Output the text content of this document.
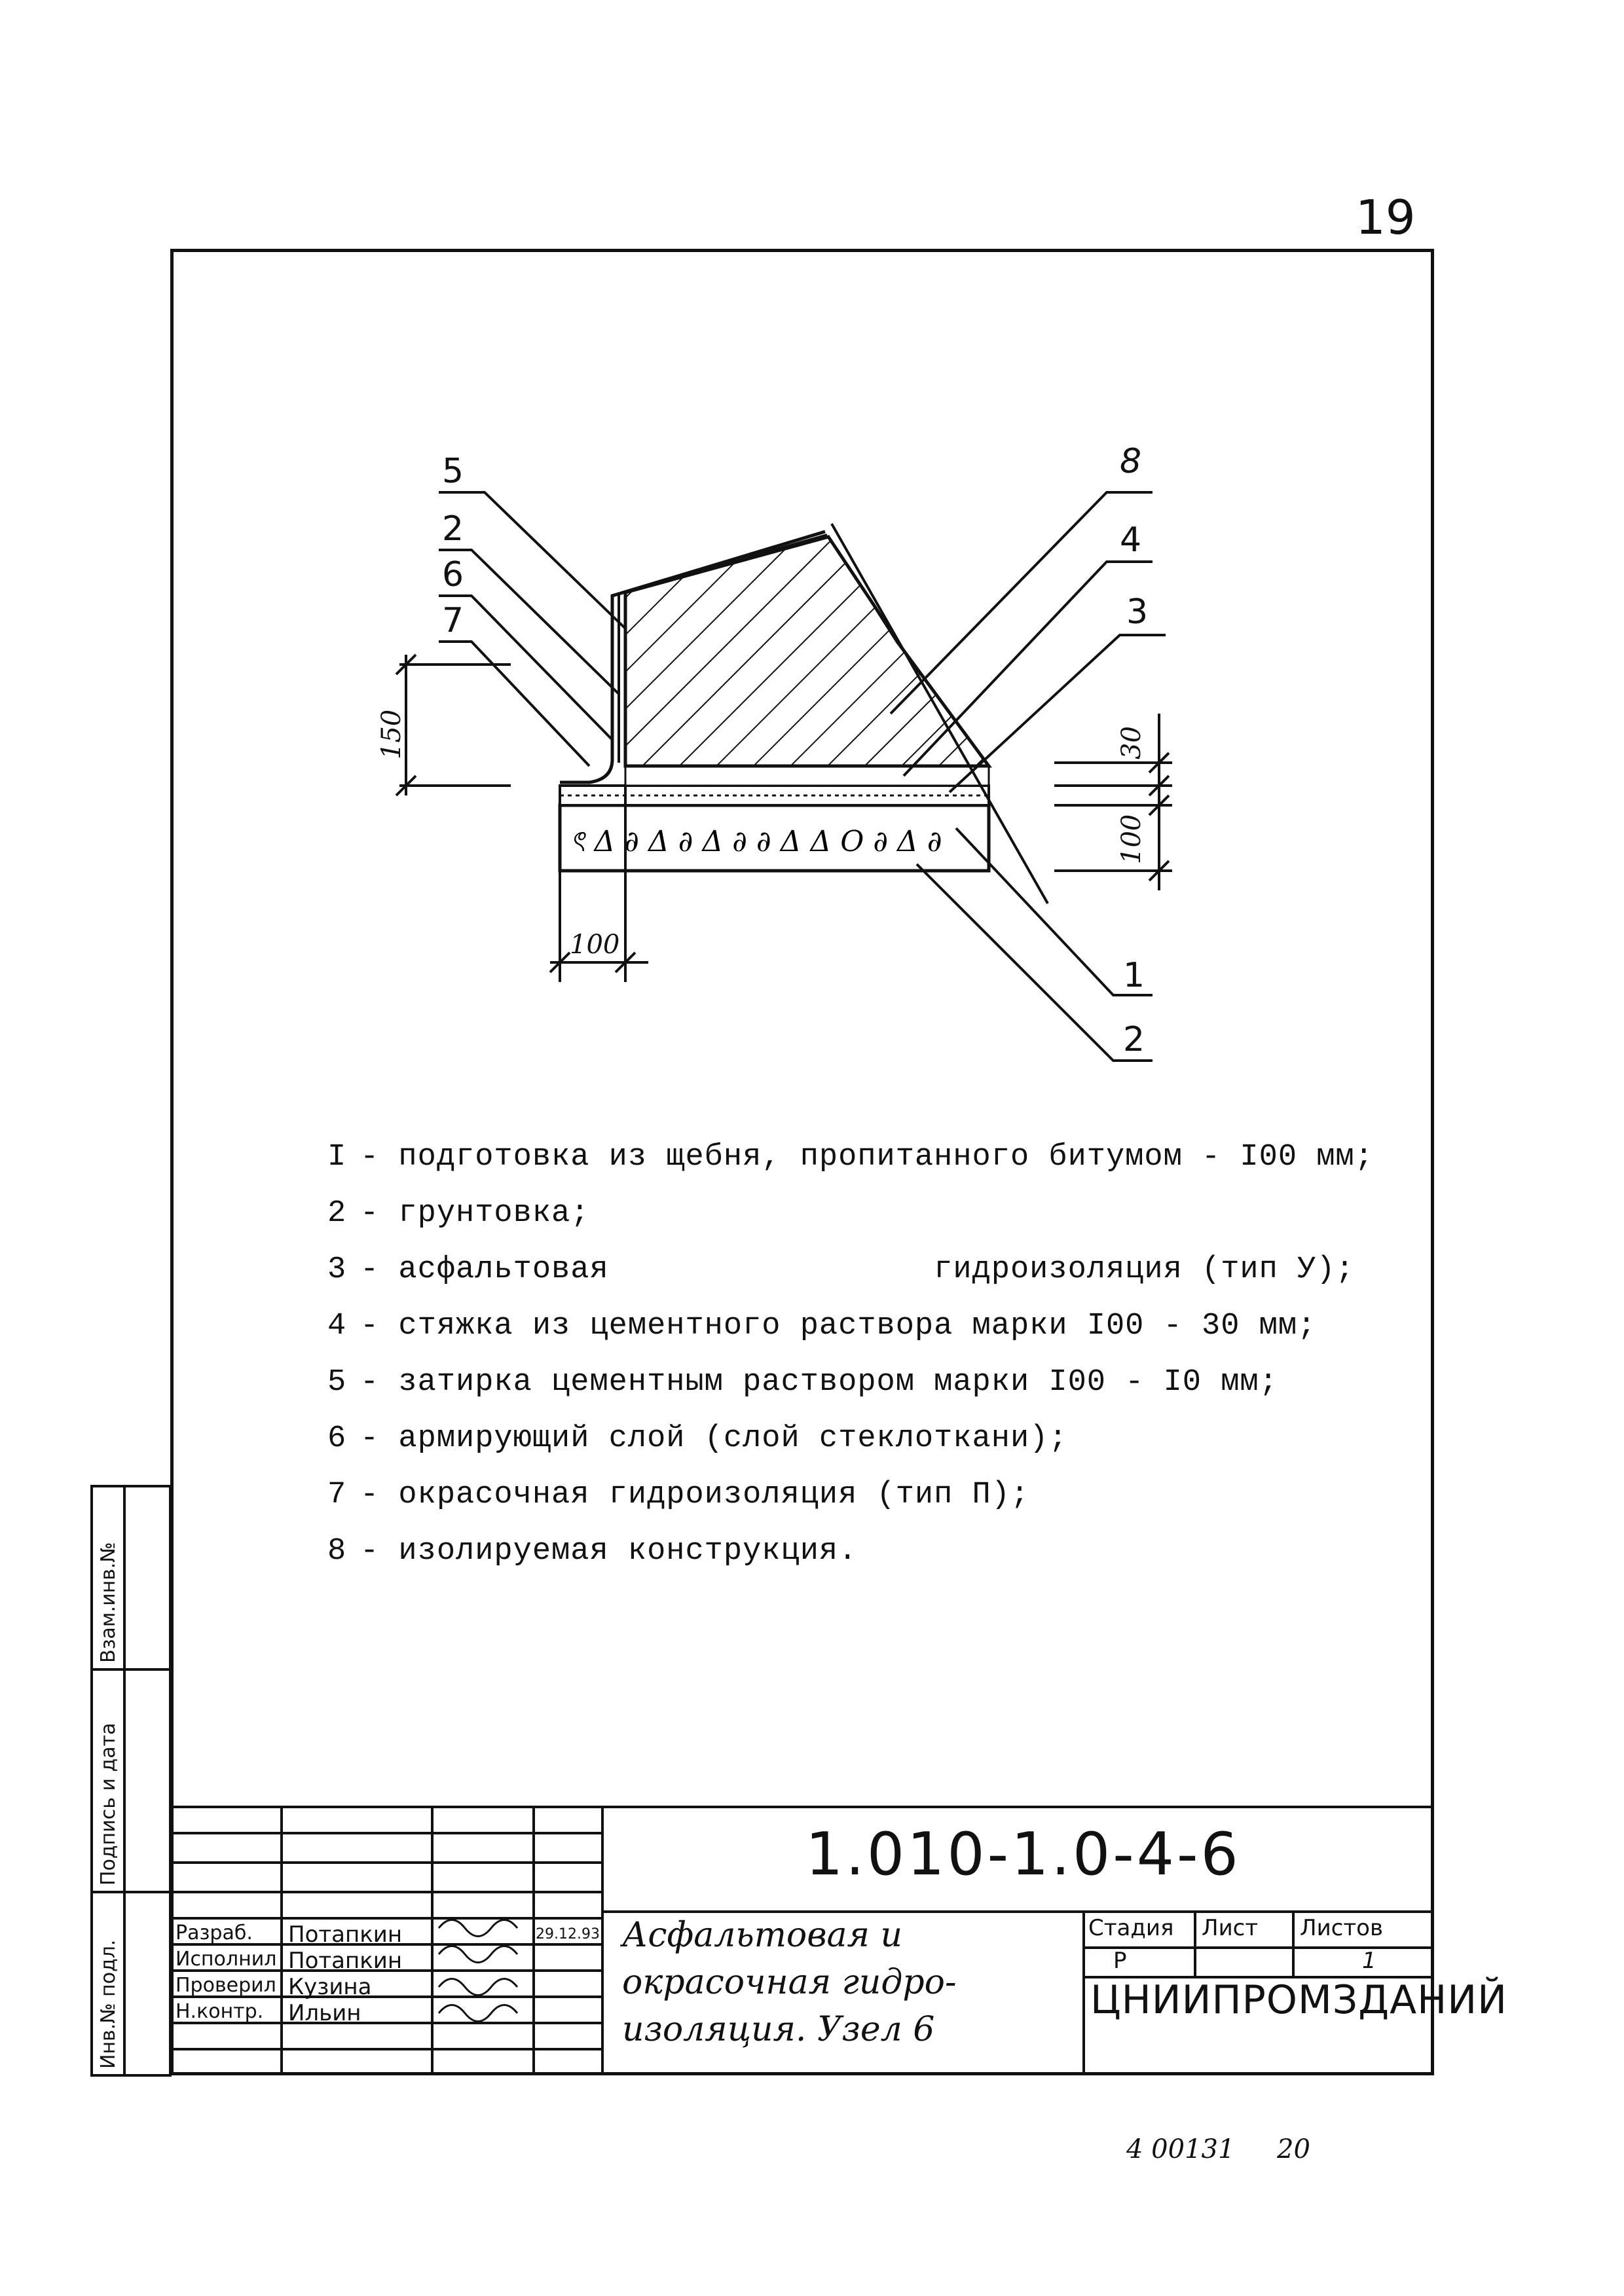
ৎ Δ ∂ Δ ∂ Δ ∂ ∂ Δ Δ Ο ∂ Δ ∂
19
5
2
6
7
8
4
3
1
2
150
100
30
100
I - подготовка из щебня, пропитанного битумом - I00 мм;
2 - грунтовка;
3 - асфальтовая                 гидроизоляция (тип У);
4 - стяжка из цементного раствора марки I00 - 30 мм;
5 - затирка цементным раствором марки I00 - I0 мм;
6 - армирующий слой (слой стеклоткани);
7 - окрасочная гидроизоляция (тип П);
8 - изолируемая конструкция.
1.010-1.0-4-6
Асфальтовая и окрасочная гидро- изоляция. Узел 6
ЦНИИПРОМЗДАНИЙ
Стадия Лист Листов
Р	1
Разраб. Потапкин	29.12.93
Исполнил Потапкин
Проверил Кузина
Н.контр. Ильин
Инв.№ подл.
Подпись и дата
Взам.инв.№
4 00131 20
